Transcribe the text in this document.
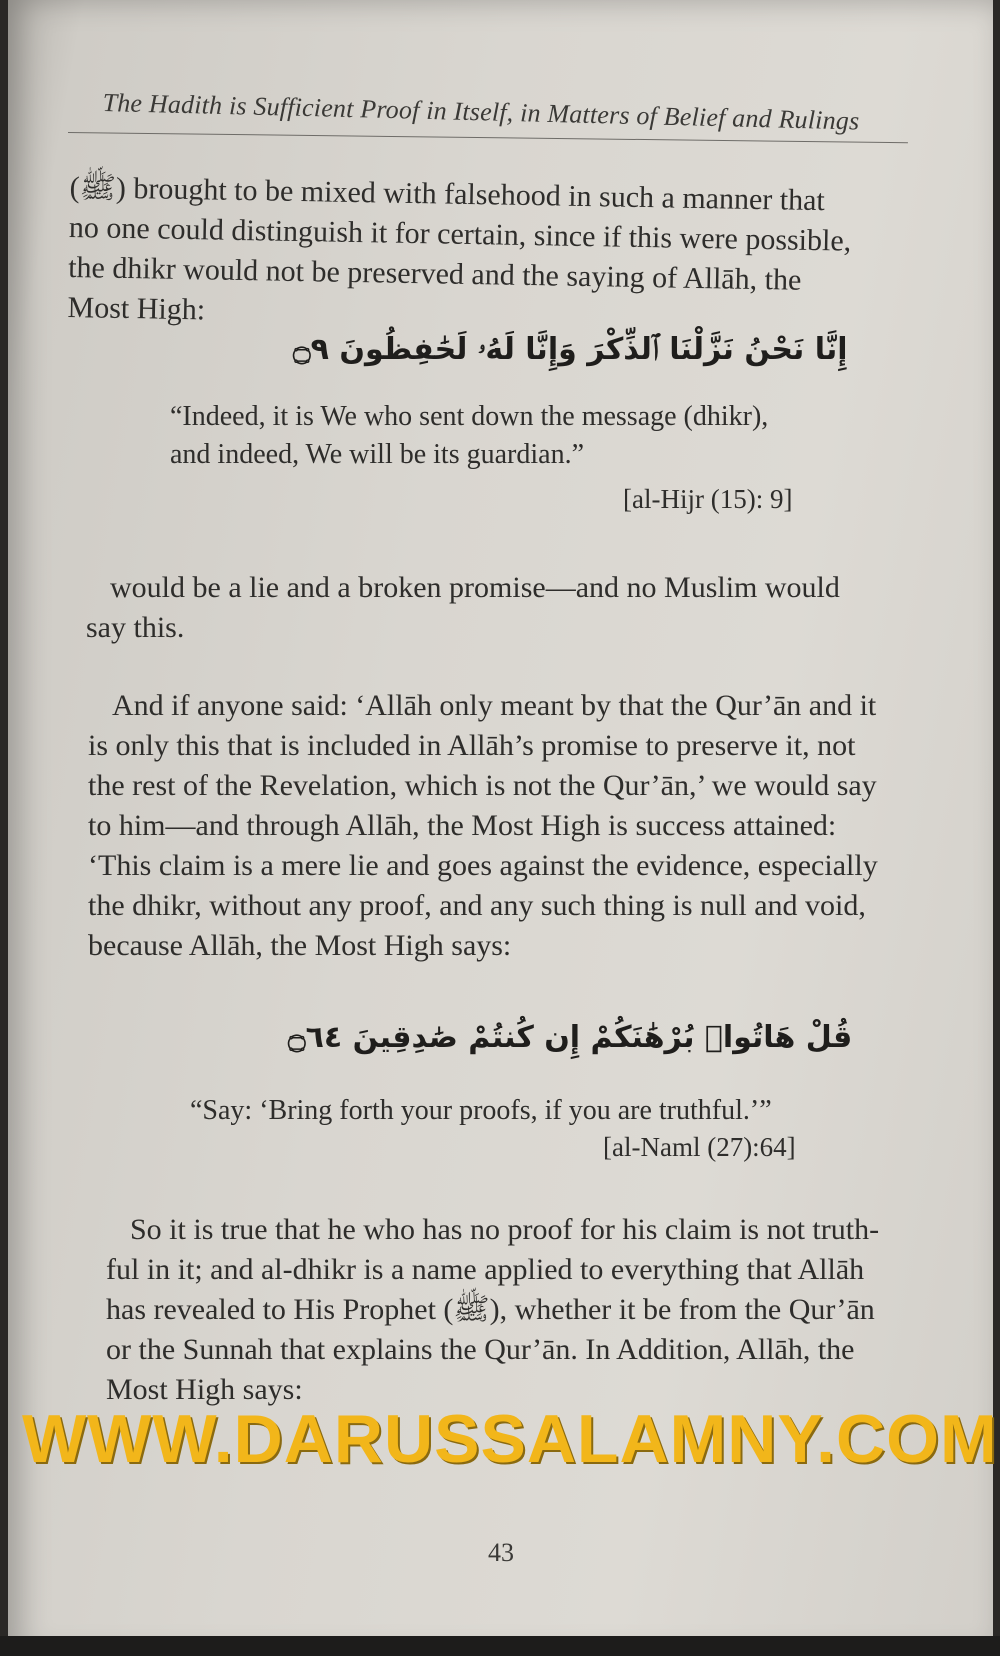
The Hadith is Sufficient Proof in Itself, in Matters of Belief and Rulings
(ﷺ) brought to be mixed with falsehood in such a manner that
no one could distinguish it for certain, since if this were possible,
the dhikr would not be preserved and the saying of Allāh, the
Most High:
إِنَّا نَحْنُ نَزَّلْنَا ٱلذِّكْرَ وَإِنَّا لَهُۥ لَحَٰفِظُونَ ۝٩
“Indeed, it is We who sent down the message (dhikr),
and indeed, We will be its guardian.”
[al-Hijr (15): 9]
would be a lie and a broken promise—and no Muslim would
say this.
And if anyone said: ‘Allāh only meant by that the Qur’ān and it
is only this that is included in Allāh’s promise to preserve it, not
the rest of the Revelation, which is not the Qur’ān,’ we would say
to him—and through Allāh, the Most High is success attained:
‘This claim is a mere lie and goes against the evidence, especially
the dhikr, without any proof, and any such thing is null and void,
because Allāh, the Most High says:
قُلْ هَاتُوا۟ بُرْهَٰنَكُمْ إِن كُنتُمْ صَٰدِقِينَ ۝٦٤
“Say: ‘Bring forth your proofs, if you are truthful.’”
[al-Naml (27):64]
So it is true that he who has no proof for his claim is not truth-
ful in it; and al-dhikr is a name applied to everything that Allāh
has revealed to His Prophet (ﷺ), whether it be from the Qur’ān
or the Sunnah that explains the Qur’ān. In Addition, Allāh, the
Most High says:
43
WWW.DARUSSALAMNY.COM
